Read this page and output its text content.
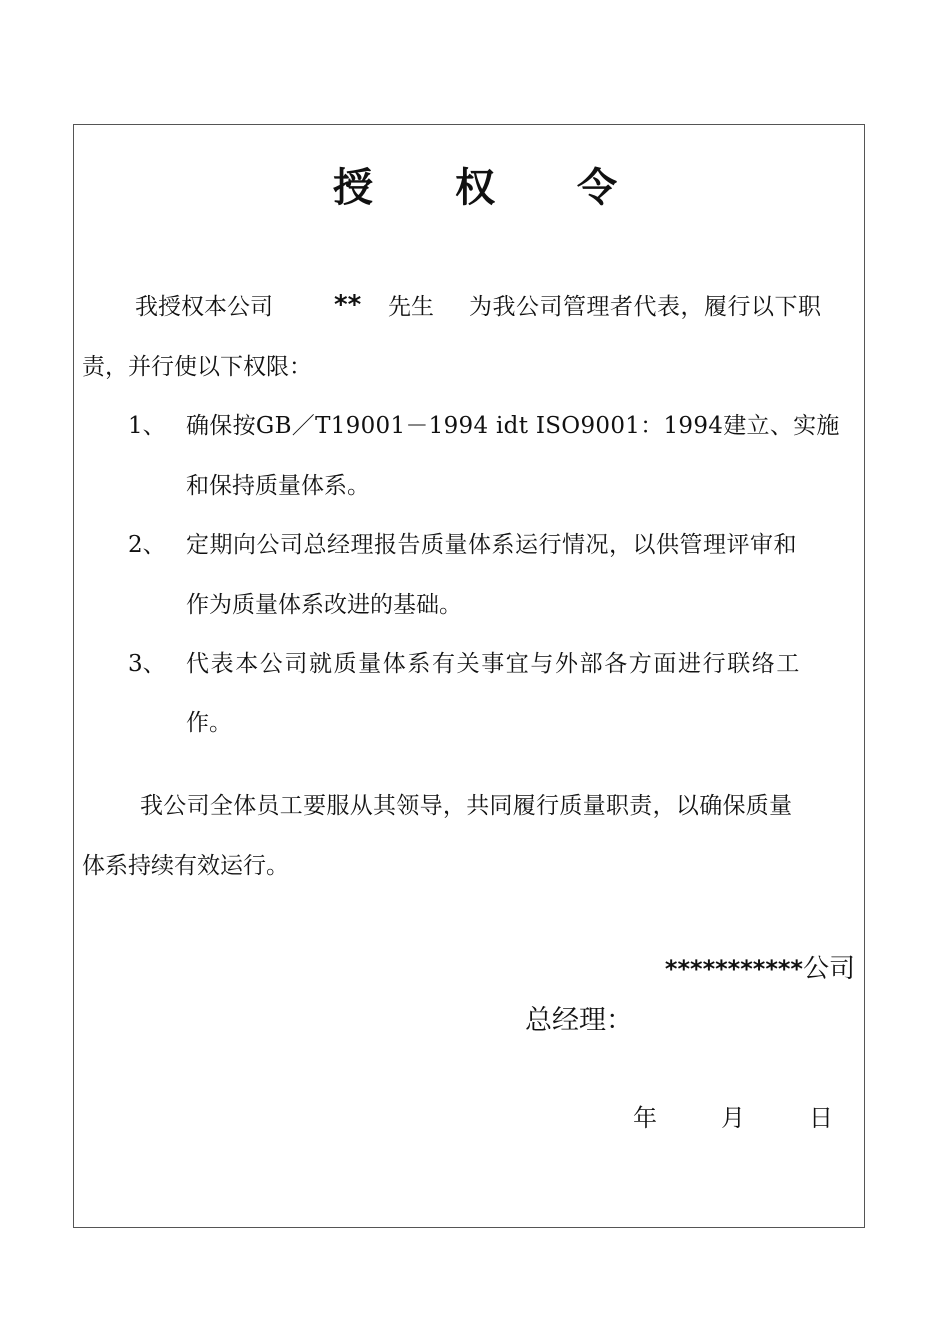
授 权 令
我授权本公司 ** 先生 为我公司管理者代表，履行以下职
责，并行使以下权限：
1、 确保按GB／T19001－1994 idt ISO9001：1994建立、实施
和保持质量体系。
2、 定期向公司总经理报告质量体系运行情况，以供管理评审和
作为质量体系改进的基础。
3、 代表本公司就质量体系有关事宜与外部各方面进行联络工
作。
我公司全体员工要服从其领导，共同履行质量职责，以确保质量
体系持续有效运行。
***********公司
总经理：
年	月	日
